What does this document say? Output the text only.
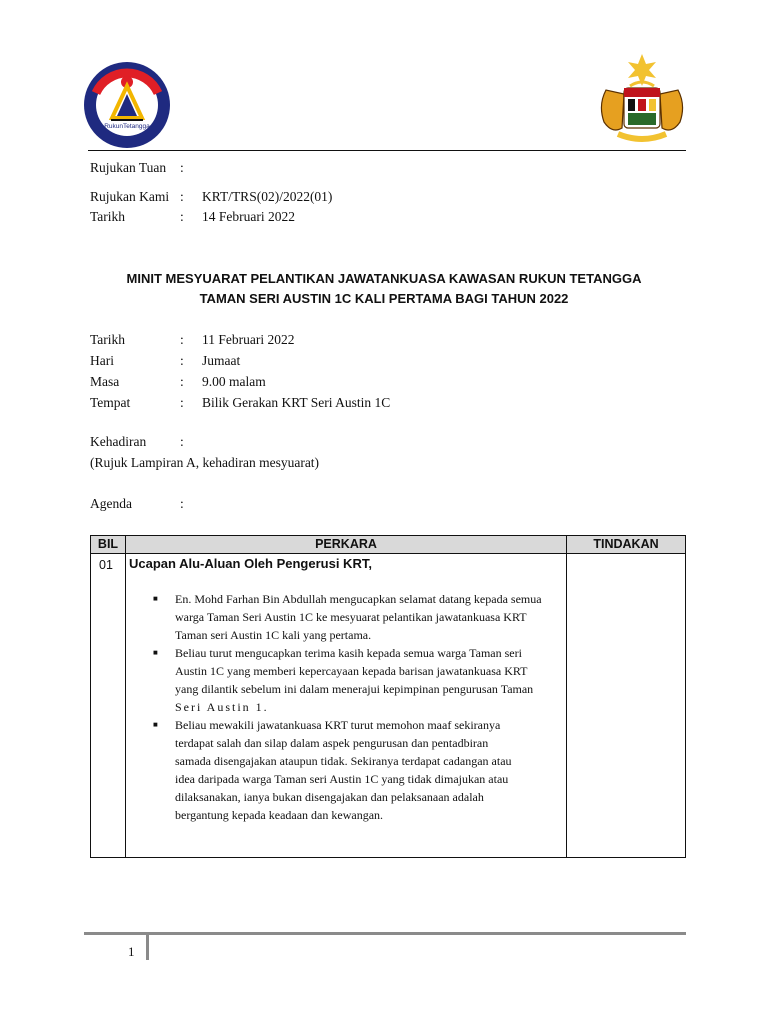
RukunTetangga
Rujukan Tuan :
Rujukan Kami : KRT/TRS(02)/2022(01)
Tarikh	: 14 Februari 2022
MINIT MESYUARAT PELANTIKAN JAWATANKUASA KAWASAN RUKUN TETANGGA
TAMAN SERI AUSTIN 1C KALI PERTAMA BAGI TAHUN 2022
Tarikh	: 11 Februari 2022
Hari	: Jumaat
Masa	: 9.00 malam
Tempat	: Bilik Gerakan KRT Seri Austin 1C
Kehadiran	:
(Rujuk Lampiran A, kehadiran mesyuarat)
Agenda	:
BIL	PERKARA	TINDAKAN
01 Ucapan Alu-Aluan Oleh Pengerusi KRT,
■ En. Mohd Farhan Bin Abdullah mengucapkan selamat datang kepada semua
warga Taman Seri Austin 1C ke mesyuarat pelantikan jawatankuasa KRT
Taman seri Austin 1C kali yang pertama.
■ Beliau turut mengucapkan terima kasih kepada semua warga Taman seri
Austin 1C yang memberi kepercayaan kepada barisan jawatankuasa KRT
yang dilantik sebelum ini dalam menerajui kepimpinan pengurusan Taman
Seri Austin 1.
■ Beliau mewakili jawatankuasa KRT turut memohon maaf sekiranya
terdapat salah dan silap dalam aspek pengurusan dan pentadbiran
samada disengajakan ataupun tidak. Sekiranya terdapat cadangan atau
idea daripada warga Taman seri Austin 1C yang tidak dimajukan atau
dilaksanakan, ianya bukan disengajakan dan pelaksanaan adalah
bergantung kepada keadaan dan kewangan.
1
